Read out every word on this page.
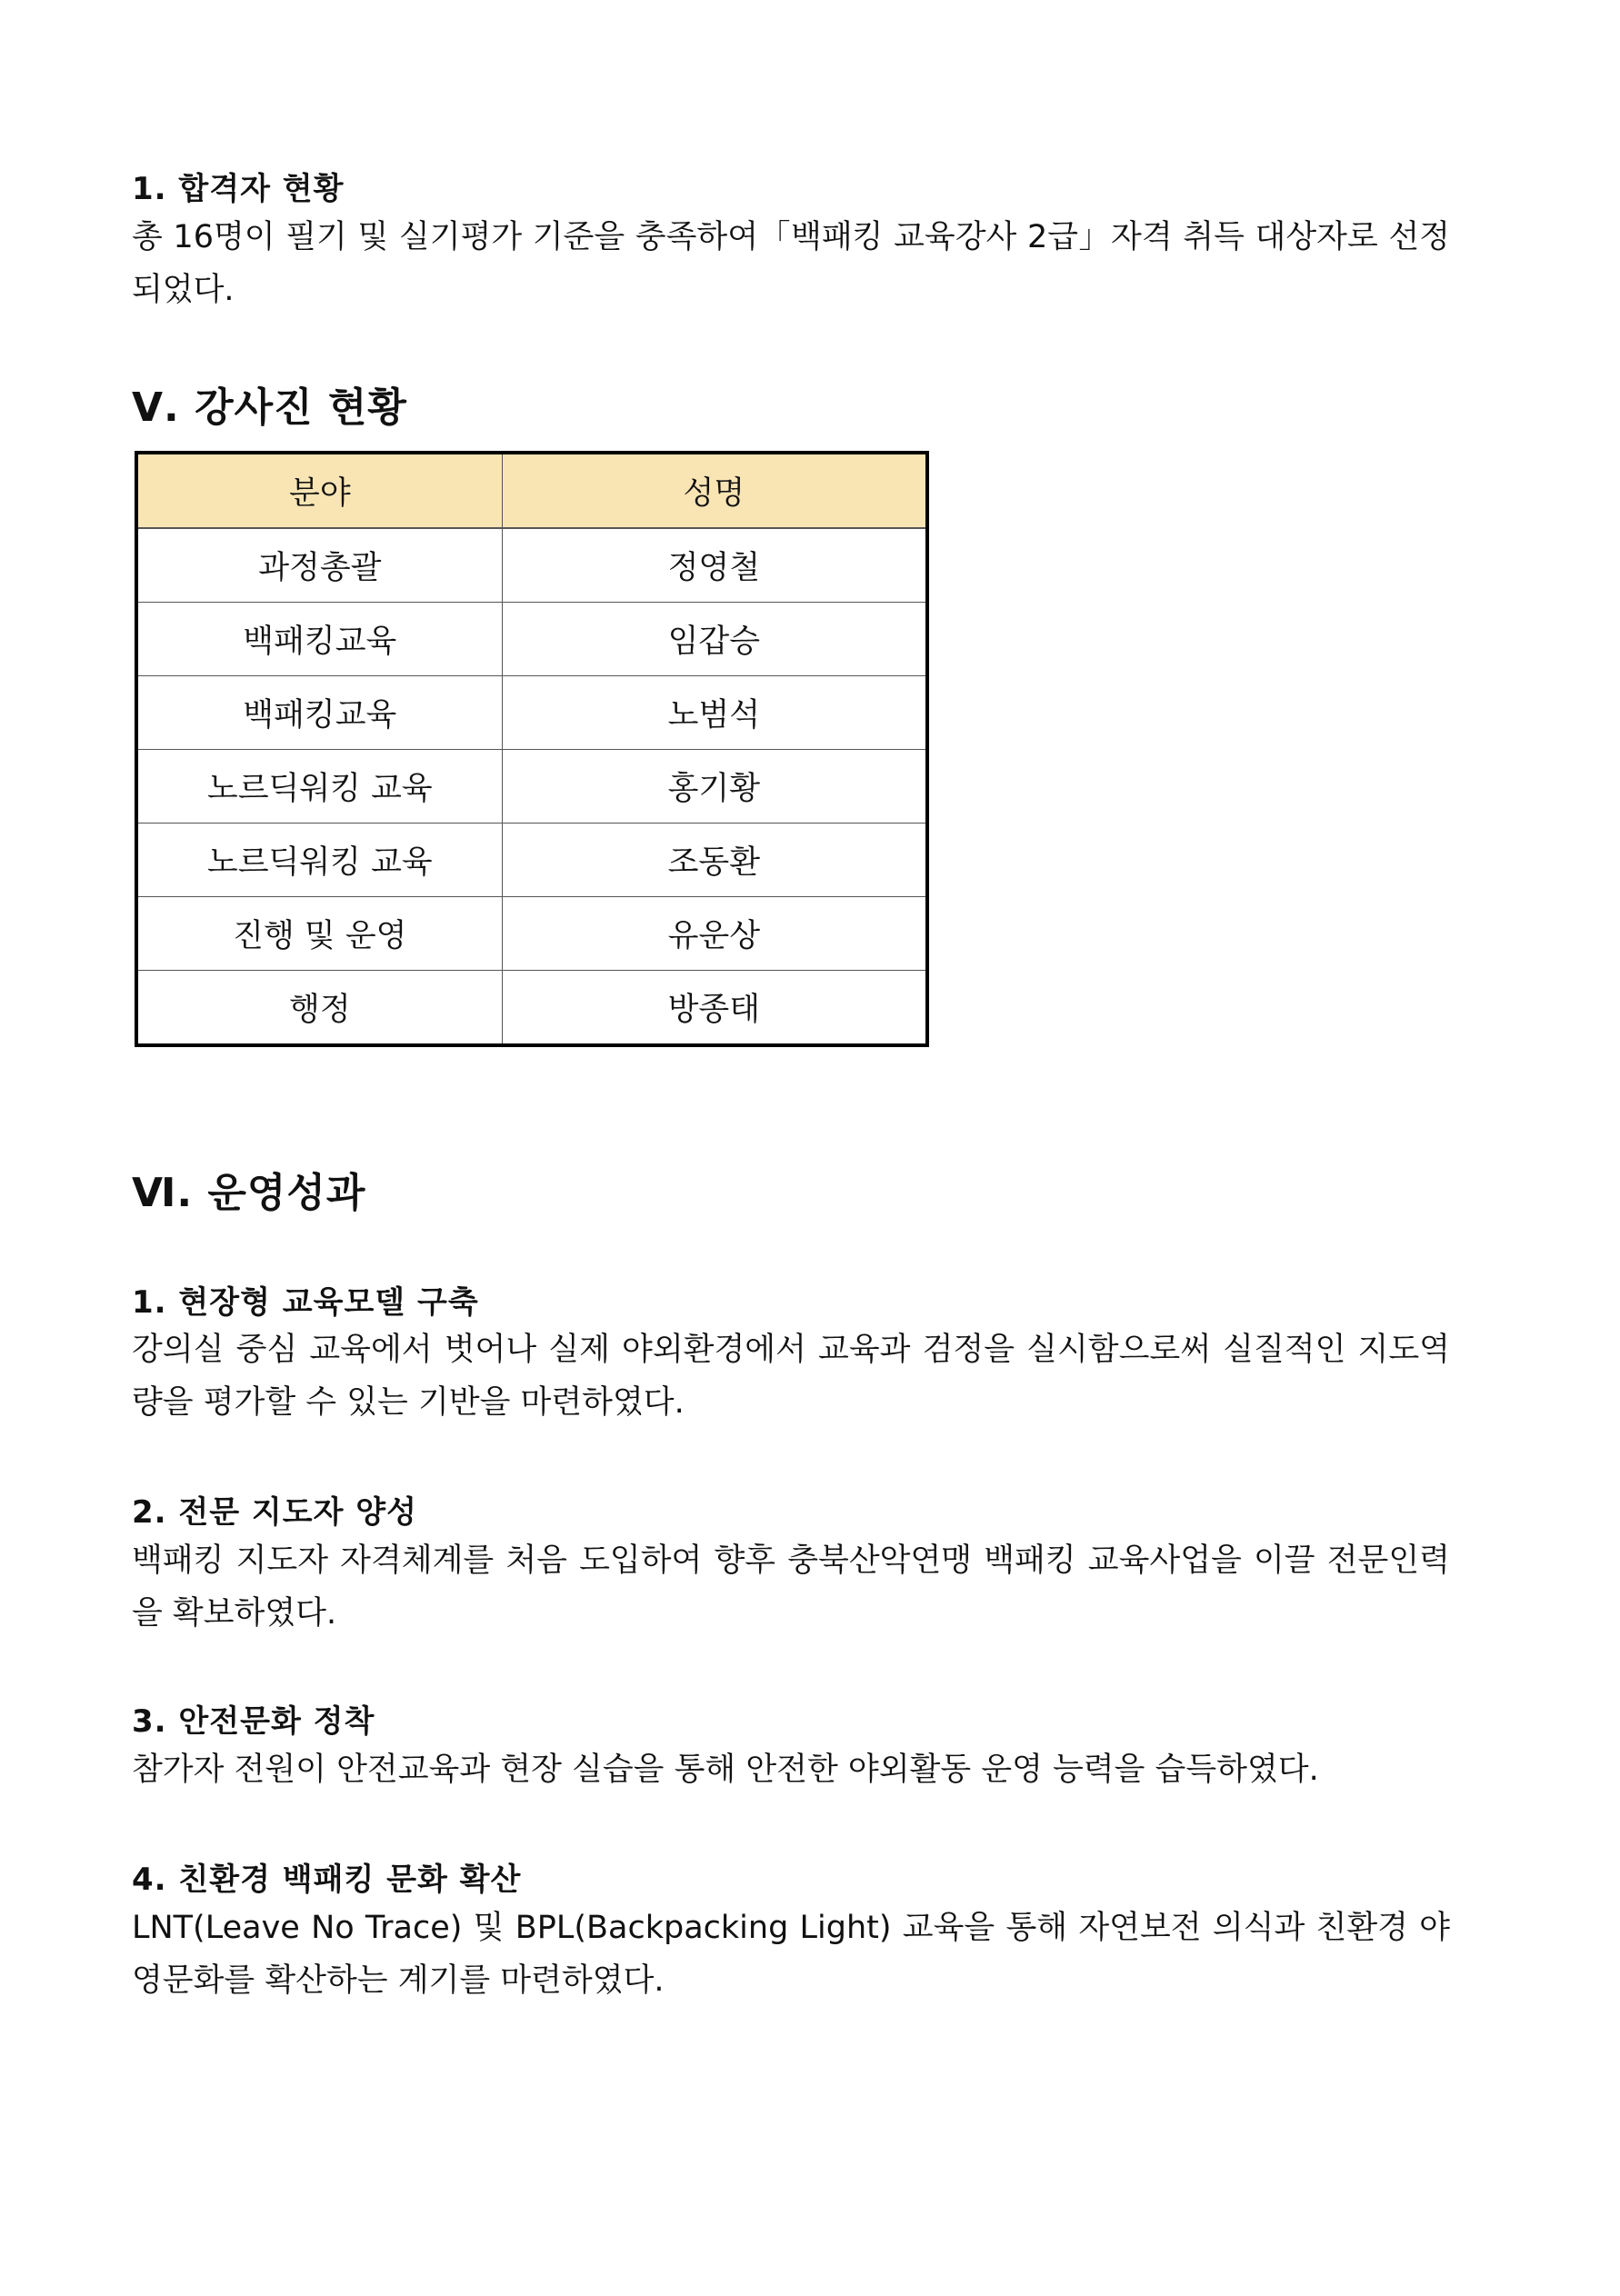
1. 합격자 현황
총 16명이 필기 및 실기평가 기준을 충족하여「백패킹 교육강사 2급」자격 취득 대상자로 선정되었다.
Ⅴ. 강사진 현황
분야	성명
과정총괄	정영철
백패킹교육	임갑승
백패킹교육	노범석
노르딕워킹 교육	홍기황
노르딕워킹 교육	조동환
진행 및 운영	유운상
행정	방종태
Ⅵ. 운영성과
1. 현장형 교육모델 구축
강의실 중심 교육에서 벗어나 실제 야외환경에서 교육과 검정을 실시함으로써 실질적인 지도역량을 평가할 수 있는 기반을 마련하였다.
2. 전문 지도자 양성
백패킹 지도자 자격체계를 처음 도입하여 향후 충북산악연맹 백패킹 교육사업을 이끌 전문인력을 확보하였다.
3. 안전문화 정착
참가자 전원이 안전교육과 현장 실습을 통해 안전한 야외활동 운영 능력을 습득하였다.
4. 친환경 백패킹 문화 확산
LNT(Leave No Trace) 및 BPL(Backpacking Light) 교육을 통해 자연보전 의식과 친환경 야영문화를 확산하는 계기를 마련하였다.
